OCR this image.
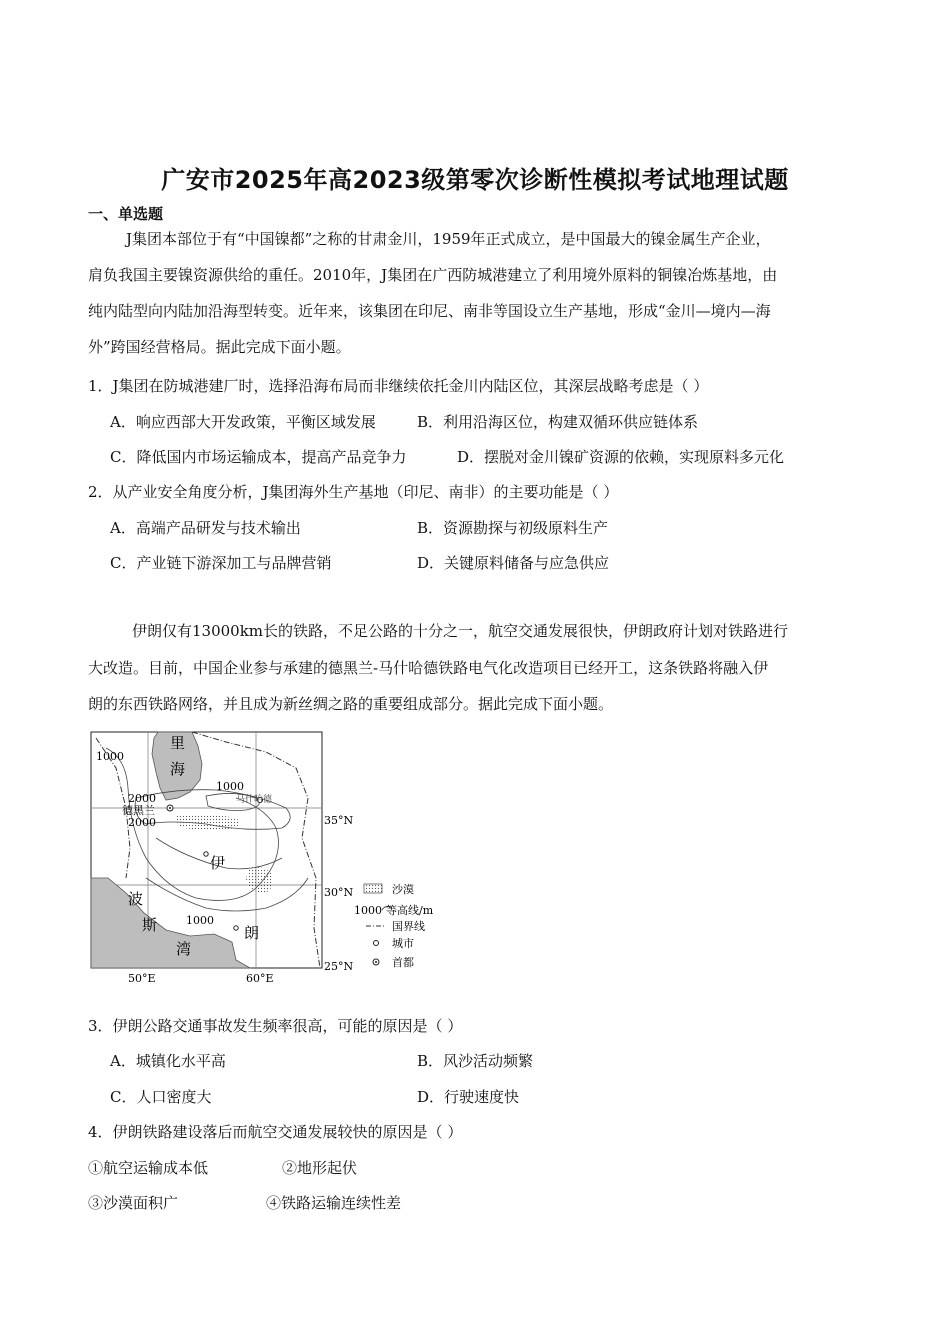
广安市2025年高2023级第零次诊断性模拟考试地理试题
一、单选题
J集团本部位于有“中国镍都”之称的甘肃金川，1959年正式成立，是中国最大的镍金属生产企业，
肩负我国主要镍资源供给的重任。2010年，J集团在广西防城港建立了利用境外原料的铜镍冶炼基地，由
纯内陆型向内陆加沿海型转变。近年来，该集团在印尼、南非等国设立生产基地，形成“金川—境内—海
外”跨国经营格局。据此完成下面小题。
1．J集团在防城港建厂时，选择沿海布局而非继续依托金川内陆区位，其深层战略考虑是（ ）
A．响应西部大开发政策，平衡区域发展	B．利用沿海区位，构建双循环供应链体系
C．降低国内市场运输成本，提高产品竞争力	D．摆脱对金川镍矿资源的依赖，实现原料多元化
2．从产业安全角度分析，J集团海外生产基地（印尼、南非）的主要功能是（ ）
A．高端产品研发与技术输出	B．资源勘探与初级原料生产
C．产业链下游深加工与品牌营销	D．关键原料储备与应急供应
伊朗仅有13000km长的铁路，不足公路的十分之一，航空交通发展很快，伊朗政府计划对铁路进行
大改造。目前，中国企业参与承建的德黑兰-马什哈德铁路电气化改造项目已经开工，这条铁路将融入伊
朗的东西铁路网络，并且成为新丝绸之路的重要组成部分。据此完成下面小题。
里
海
1000
2000
德黑兰
2000
1000
马什哈德
伊
朗
波
斯
湾
1000
35°N
30°N
25°N
50°E	60°E
沙漠
1000 等高线/m
国界线
城市
首都
3．伊朗公路交通事故发生频率很高，可能的原因是（ ）
A．城镇化水平高	B．风沙活动频繁
C．人口密度大	D．行驶速度快
4．伊朗铁路建设落后而航空交通发展较快的原因是（ ）
①航空运输成本低	②地形起伏
③沙漠面积广	④铁路运输连续性差
